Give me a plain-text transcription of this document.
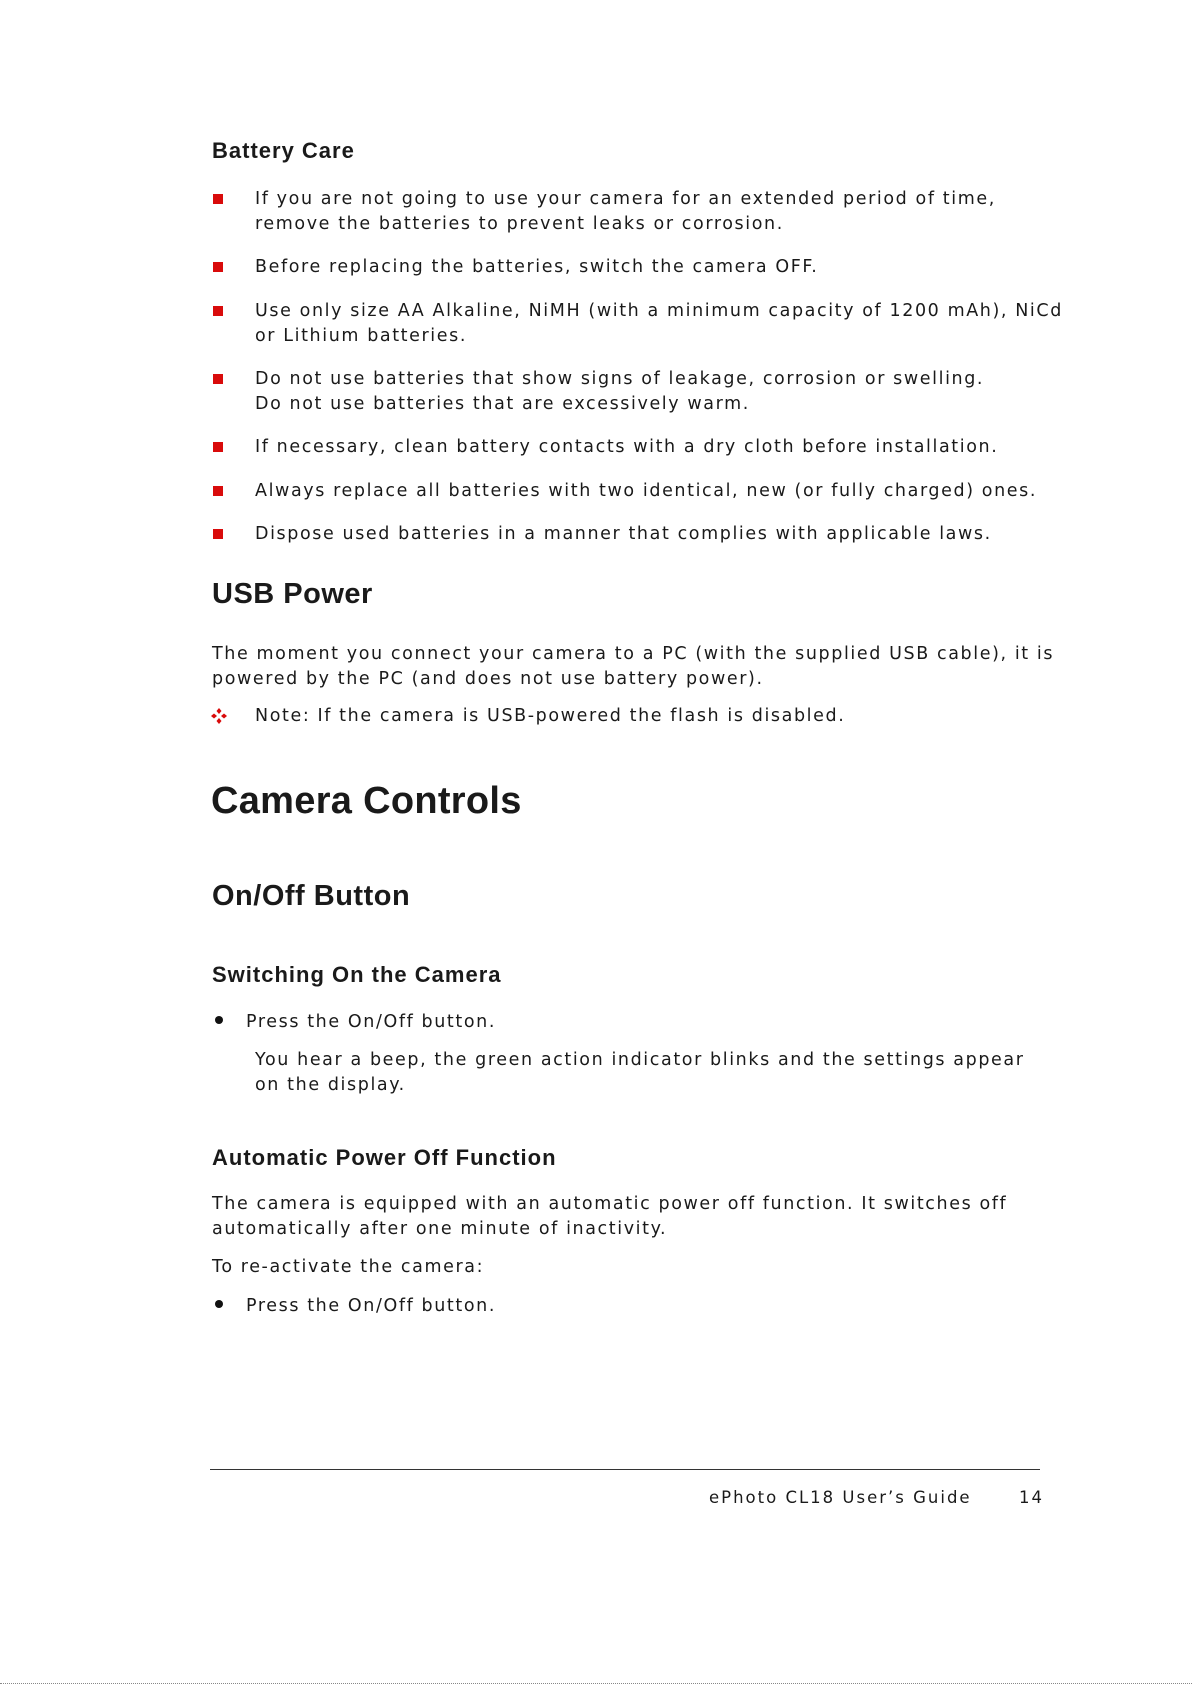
Battery Care
If you are not going to use your camera for an extended period of time,
remove the batteries to prevent leaks or corrosion.
Before replacing the batteries, switch the camera OFF.
Use only size AA Alkaline, NiMH (with a minimum capacity of 1200 mAh), NiCd
or Lithium batteries.
Do not use batteries that show signs of leakage, corrosion or swelling.
Do not use batteries that are excessively warm.
If necessary, clean battery contacts with a dry cloth before installation.
Always replace all batteries with two identical, new (or fully charged) ones.
Dispose used batteries in a manner that complies with applicable laws.
USB Power
The moment you connect your camera to a PC (with the supplied USB cable), it is
powered by the PC (and does not use battery power).
Note: If the camera is USB-powered the flash is disabled.
Camera Controls
On/Off Button
Switching On the Camera
Press the On/Off button.
You hear a beep, the green action indicator blinks and the settings appear
on the display.
Automatic Power Off Function
The camera is equipped with an automatic power off function. It switches off
automatically after one minute of inactivity.
To re-activate the camera:
Press the On/Off button.
ePhoto CL18 User’s Guide	14
